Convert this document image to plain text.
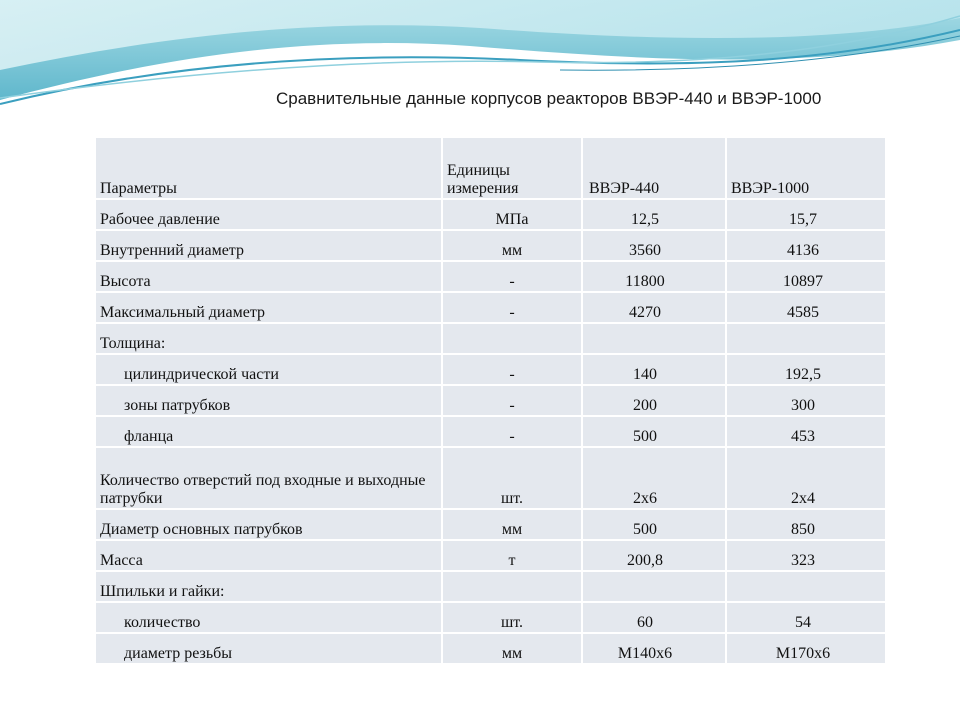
Сравнительные данные корпусов реакторов ВВЭР-440 и ВВЭР-1000
Параметры	Единицы измерения	ВВЭР-440	ВВЭР-1000
Рабочее давление	МПа	12,5	15,7
Внутренний диаметр	мм	3560	4136
Высота	-	11800	10897
Максимальный диаметр	-	4270	4585
Толщина:			
цилиндрической части	-	140	192,5
зоны патрубков	-	200	300
фланца	-	500	453
Количество отверстий под входные и выходные патрубки	шт.	2x6	2x4
Диаметр основных патрубков	мм	500	850
Масса	т	200,8	323
Шпильки и гайки:			
количество	шт.	60	54
диаметр резьбы	мм	М140x6	М170x6
